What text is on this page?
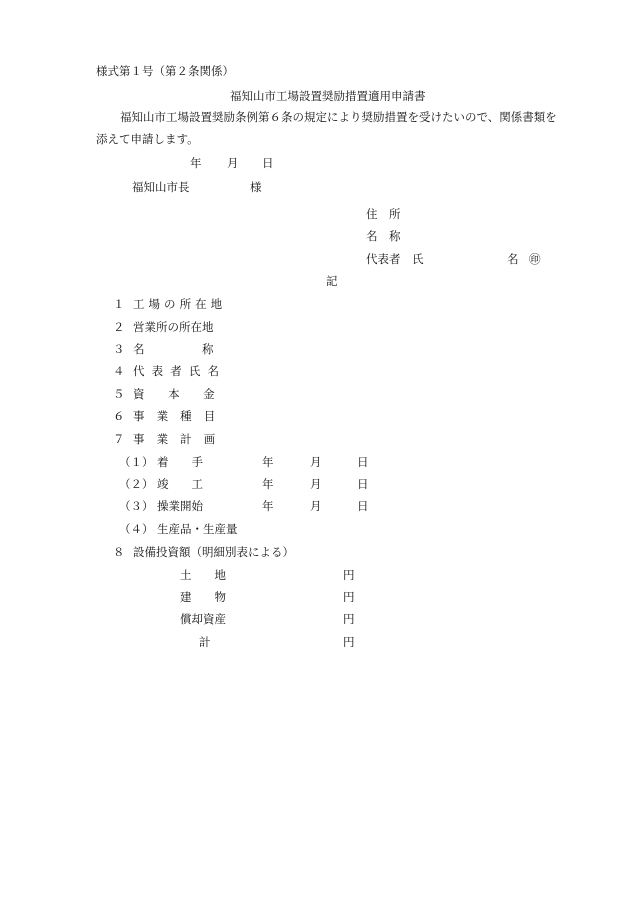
様式第１号（第２条関係）
福知山市工場設置奨励措置適用申請書
福知山市工場設置奨励条例第６条の規定により奨励措置を受けたいので、関係書類を
添えて申請します。
年 月 日
福知山市長	様
住　所
名　称
代表者　氏	名 ㊞
記
１ 工場の所在地
２ 営業所の所在地
３ 名称
４ 代表者氏名
５ 資本金
６ 事業種目
７ 事業計画
（１） 着　　手	年	月	日
（２） 竣　　工	年	月	日
（３） 操業開始	年	月	日
（４） 生産品・生産量
８ 設備投資額（明細別表による）
土　　地	円
建　　物	円
償却資産	円
計	円
